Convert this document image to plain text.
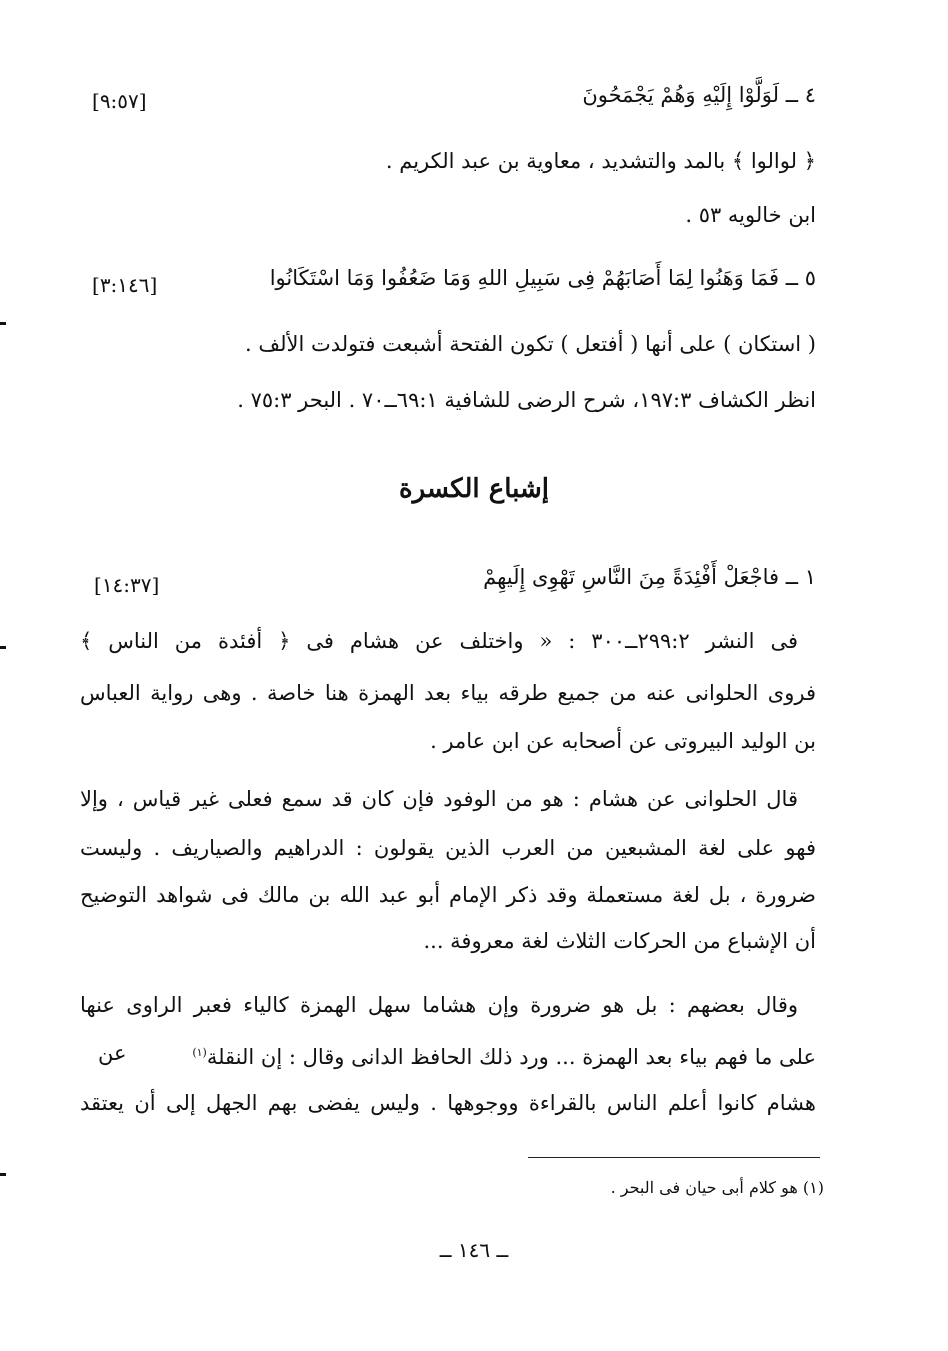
٤ ــ لَوَلَّوْا إِلَيْهِ وَهُمْ يَجْمَحُونَ
[٩:٥٧]
﴿ لوالوا ﴾ بالمد والتشديد ، معاوية بن عبد الكريم .
ابن خالويه ٥٣ .
٥ ــ فَمَا وَهَنُوا لِمَا أَصَابَهُمْ فِى سَبِيلِ اللهِ وَمَا ضَعُفُوا وَمَا اسْتَكَانُوا
[٣:١٤٦]
( استكان ) على أنها ( أفتعل ) تكون الفتحة أشبعت فتولدت الألف .
انظر الكشاف ١٩٧:٣، شرح الرضى للشافية ٦٩:١ــ٧٠ . البحر ٧٥:٣ .
إشباع الكسرة
١ ــ فاجْعَلْ أَفْئِدَةً مِنَ النَّاسِ تَهْوِى إِلَيهِمْ
[١٤:٣٧]
فى النشر ٢٩٩:٢ــ٣٠٠ : « واختلف عن هشام فى ﴿ أفئدة من الناس ﴾
فروى الحلوانى عنه من جميع طرقه بياء بعد الهمزة هنا خاصة . وهى رواية العباس
بن الوليد البيروتى عن أصحابه عن ابن عامر .
قال الحلوانى عن هشام : هو من الوفود فإن كان قد سمع فعلى غير قياس ، وإلا
فهو على لغة المشبعين من العرب الذين يقولون : الدراهيم والصياريف . وليست
ضرورة ، بل لغة مستعملة وقد ذكر الإمام أبو عبد الله بن مالك فى شواهد التوضيح
أن الإشباع من الحركات الثلاث لغة معروفة ...
وقال بعضهم : بل هو ضرورة وإن هشاما سهل الهمزة كالياء فعبر الراوى عنها
على ما فهم بياء بعد الهمزة ... ورد ذلك الحافظ الدانى وقال : إن النقلة$^{(١)}$
عن
هشام كانوا أعلم الناس بالقراءة ووجوهها . وليس يفضى بهم الجهل إلى أن يعتقد
(١) هو كلام أبى حيان فى البحر .
ــ ١٤٦ ــ
